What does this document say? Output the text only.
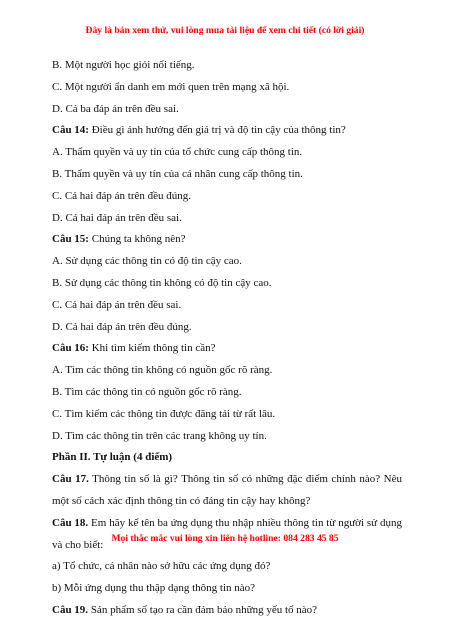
Đây là bản xem thử, vui lòng mua tài liệu để xem chi tiết (có lời giải)

B. Một người học giỏi nổi tiếng.

C. Một người ẩn danh em mới quen trên mạng xã hội.

D. Cả ba đáp án trên đều sai.

Câu 14: Điều gì ảnh hưởng đến giá trị và độ tin cậy của thông tin?

A. Thẩm quyền và uy tín của tổ chức cung cấp thông tin.

B. Thẩm quyền và uy tín của cá nhân cung cấp thông tin.

C. Cả hai đáp án trên đều đúng.

D. Cả hai đáp án trên đều sai.

Câu 15: Chúng ta không nên?

A. Sử dụng các thông tin có độ tin cậy cao.

B. Sử dụng các thông tin không có độ tin cậy cao.

C. Cả hai đáp án trên đều sai.

D. Cả hai đáp án trên đều đúng.

Câu 16: Khi tìm kiếm thông tin cần?

A. Tìm các thông tin không có nguồn gốc rõ ràng.

B. Tìm các thông tin có nguồn gốc rõ ràng.

C. Tìm kiếm các thông tin được đăng tải từ rất lâu.

D. Tìm các thông tin trên các trang không uy tín.

Phần II. Tự luận (4 điểm)

Câu 17. Thông tin số là gì? Thông tin số có những đặc điểm chính nào? Nêu một số cách xác định thông tin có đáng tin cậy hay không?

Câu 18. Em hãy kể tên ba ứng dụng thu nhập nhiều thông tin từ người sử dụng và cho biết:

a) Tổ chức, cá nhân nào sở hữu các ứng dụng đó?

b) Mỗi ứng dụng thu thập dạng thông tin nào?

Câu 19. Sản phẩm số tạo ra cần đảm bảo những yếu tố nào?

Mọi thắc mắc vui lòng xin liên hệ hotline: 084 283 45 85
